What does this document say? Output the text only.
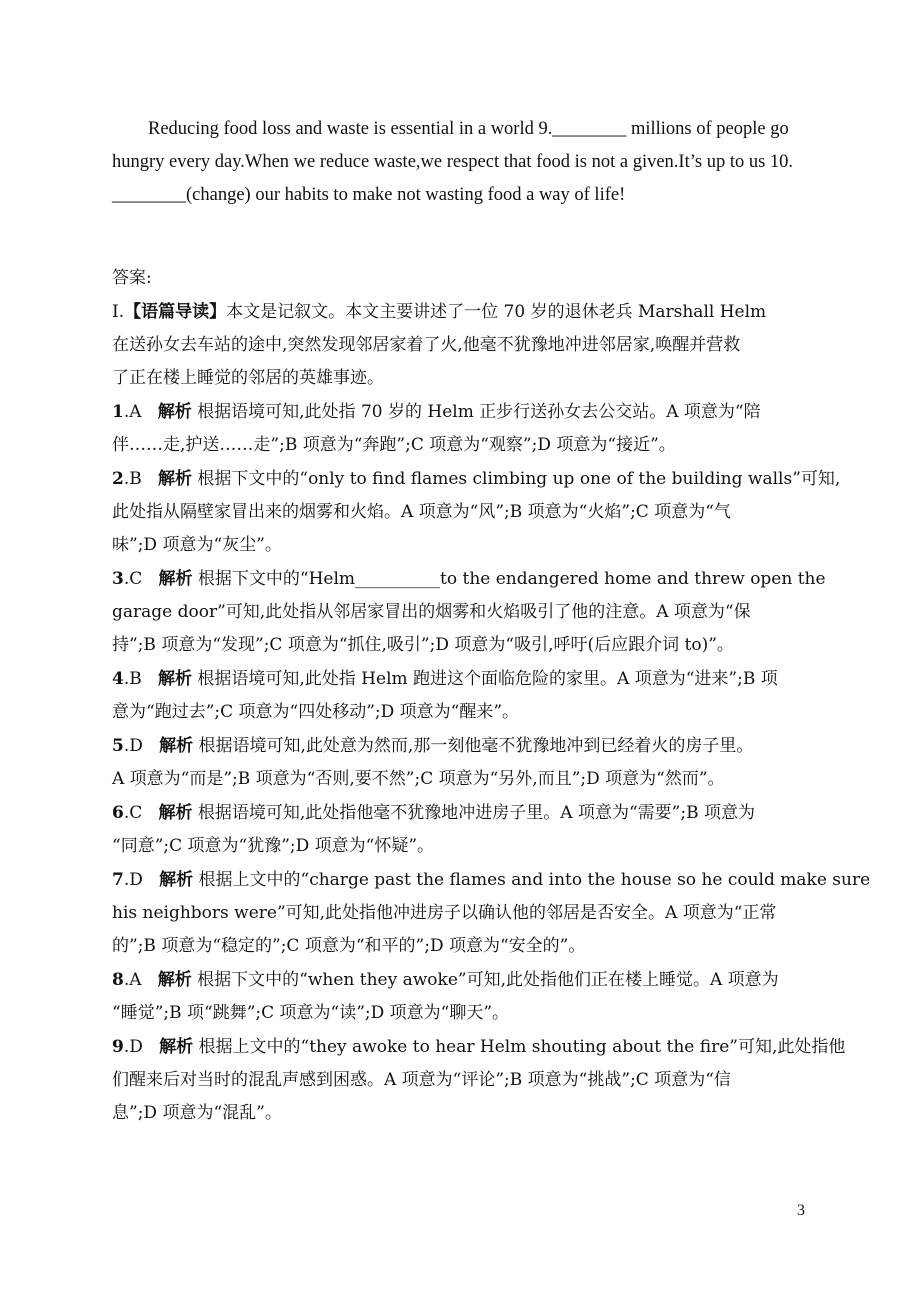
Reducing food loss and waste is essential in a world 9.________ millions of people go
hungry every day.When we reduce waste,we respect that food is not a given.It’s up to us 10.
________(change) our habits to make not wasting food a way of life!
答案:
Ⅰ.【语篇导读】本文是记叙文。本文主要讲述了一位 70 岁的退休老兵 Marshall Helm
在送孙女去车站的途中,突然发现邻居家着了火,他毫不犹豫地冲进邻居家,唤醒并营救
了正在楼上睡觉的邻居的英雄事迹。
1.A 解析 根据语境可知,此处指 70 岁的 Helm 正步行送孙女去公交站。A 项意为“陪
伴……走,护送……走”;B 项意为“奔跑”;C 项意为“观察”;D 项意为“接近”。
2.B 解析 根据下文中的“only to find flames climbing up one of the building walls”可知,
此处指从隔壁家冒出来的烟雾和火焰。A 项意为“风”;B 项意为“火焰”;C 项意为“气
味”;D 项意为“灰尘”。
3.C 解析 根据下文中的“Helm__________to the endangered home and threw open the
garage door”可知,此处指从邻居家冒出的烟雾和火焰吸引了他的注意。A 项意为“保
持”;B 项意为“发现”;C 项意为“抓住,吸引”;D 项意为“吸引,呼吁(后应跟介词 to)”。
4.B 解析 根据语境可知,此处指 Helm 跑进这个面临危险的家里。A 项意为“进来”;B 项
意为“跑过去”;C 项意为“四处移动”;D 项意为“醒来”。
5.D 解析 根据语境可知,此处意为然而,那一刻他毫不犹豫地冲到已经着火的房子里。
A 项意为“而是”;B 项意为“否则,要不然”;C 项意为“另外,而且”;D 项意为“然而”。
6.C 解析 根据语境可知,此处指他毫不犹豫地冲进房子里。A 项意为“需要”;B 项意为
“同意”;C 项意为“犹豫”;D 项意为“怀疑”。
7.D 解析 根据上文中的“charge past the flames and into the house so he could make sure
his neighbors were”可知,此处指他冲进房子以确认他的邻居是否安全。A 项意为“正常
的”;B 项意为“稳定的”;C 项意为“和平的”;D 项意为“安全的”。
8.A 解析 根据下文中的“when they awoke”可知,此处指他们正在楼上睡觉。A 项意为
“睡觉”;B 项“跳舞”;C 项意为“读”;D 项意为“聊天”。
9.D 解析 根据上文中的“they awoke to hear Helm shouting about the fire”可知,此处指他
们醒来后对当时的混乱声感到困惑。A 项意为“评论”;B 项意为“挑战”;C 项意为“信
息”;D 项意为“混乱”。
3
